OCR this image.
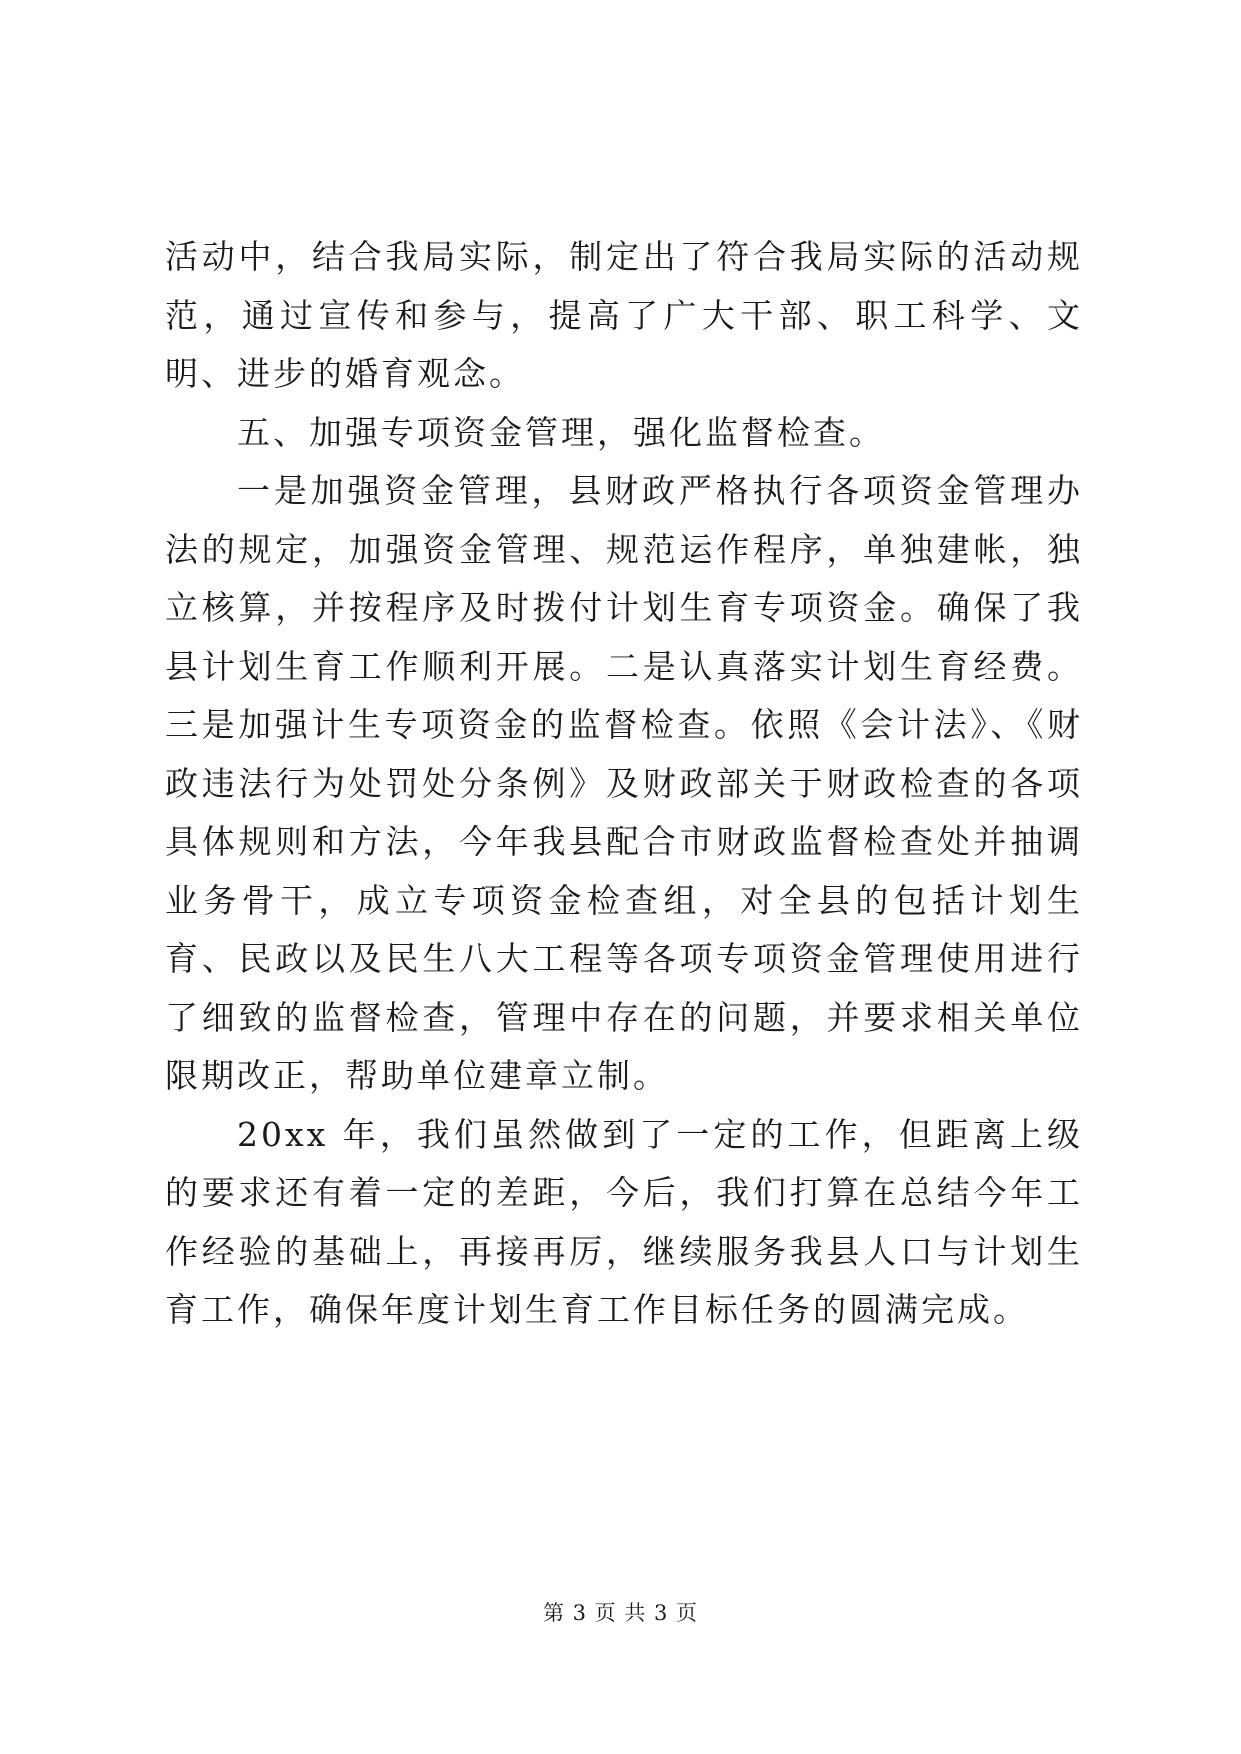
活动中，结合我局实际，制定出了符合我局实际的活动规范，通过宣传和参与，提高了广大干部、职工科学、文明、进步的婚育观念。

五、加强专项资金管理，强化监督检查。

一是加强资金管理，县财政严格执行各项资金管理办法的规定，加强资金管理、规范运作程序，单独建帐，独立核算，并按程序及时拨付计划生育专项资金。确保了我县计划生育工作顺利开展。二是认真落实计划生育经费。三是加强计生专项资金的监督检查。依照《会计法》、《财政违法行为处罚处分条例》及财政部关于财政检查的各项具体规则和方法，今年我县配合市财政监督检查处并抽调业务骨干，成立专项资金检查组，对全县的包括计划生育、民政以及民生八大工程等各项专项资金管理使用进行了细致的监督检查，管理中存在的问题，并要求相关单位限期改正，帮助单位建章立制。

20xx 年，我们虽然做到了一定的工作，但距离上级的要求还有着一定的差距，今后，我们打算在总结今年工作经验的基础上，再接再厉，继续服务我县人口与计划生育工作，确保年度计划生育工作目标任务的圆满完成。

第 3 页 共 3 页
